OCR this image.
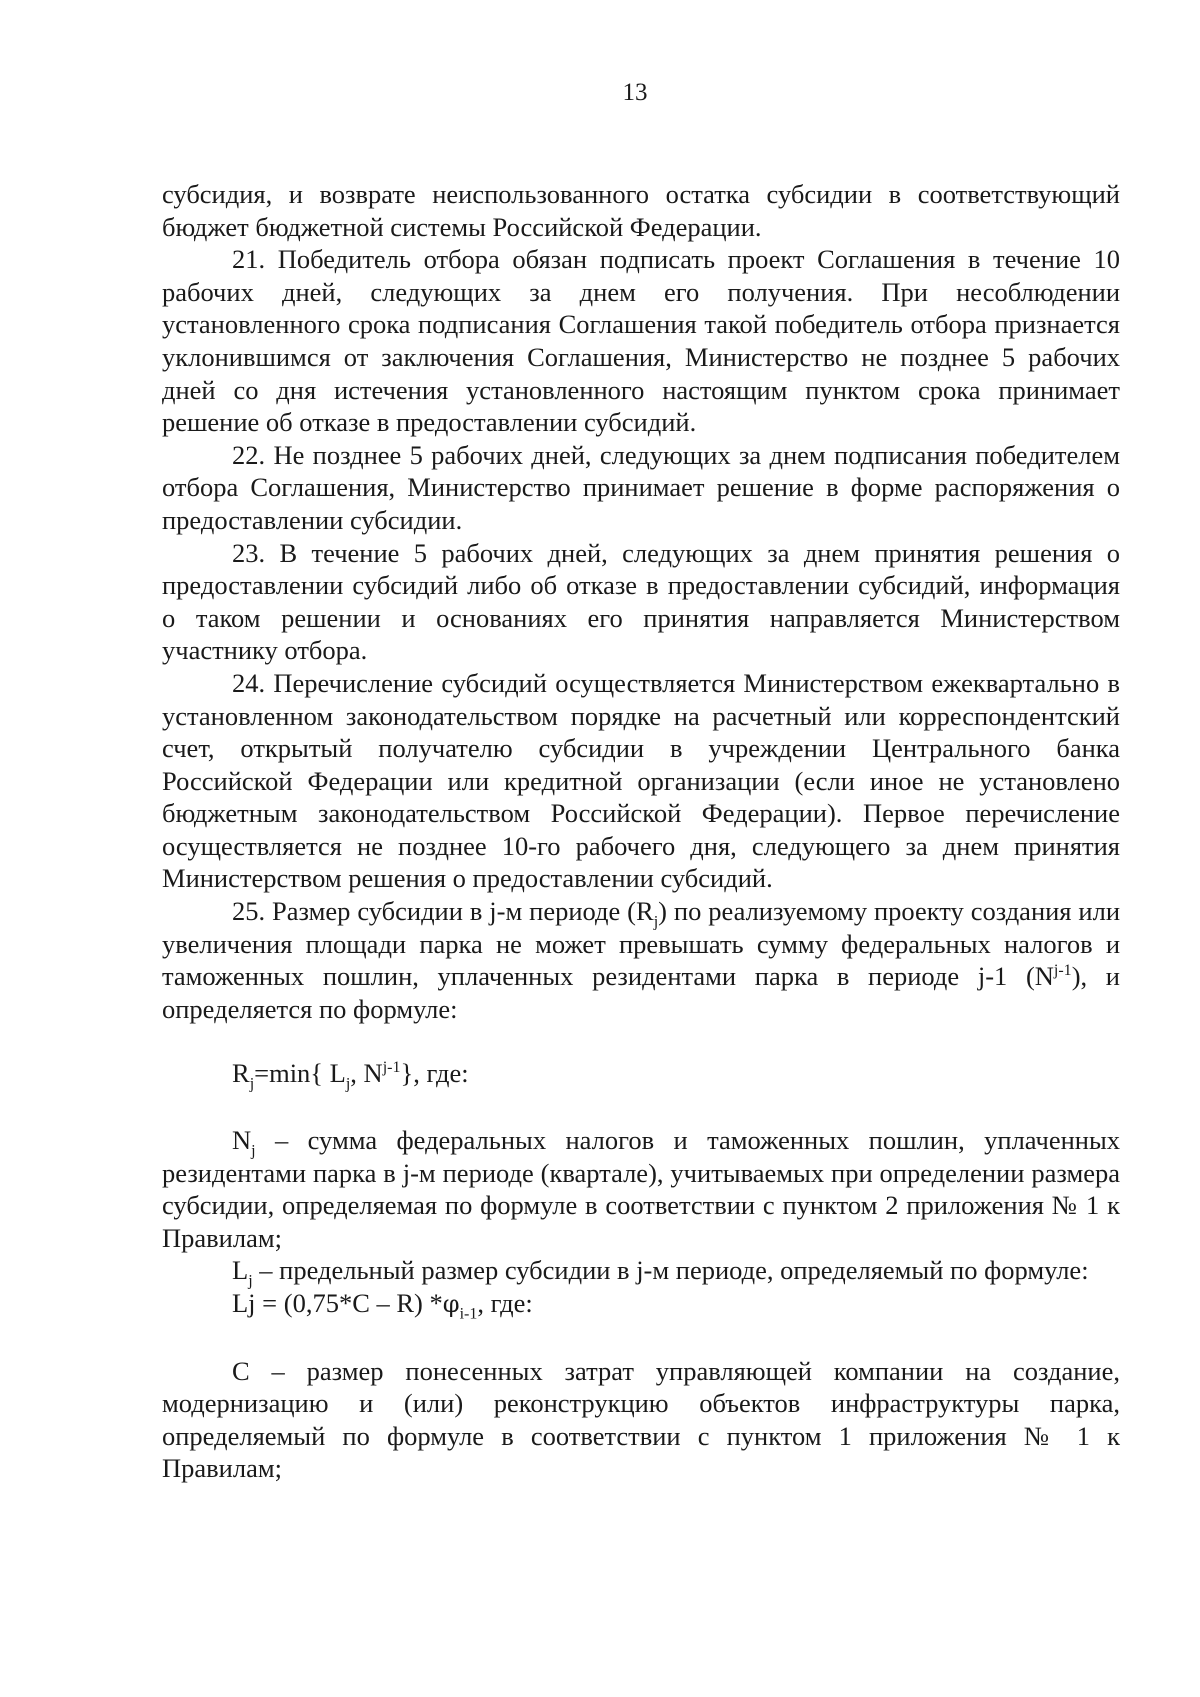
13

субсидия, и возврате неиспользованного остатка субсидии в соответствующий бюджет бюджетной системы Российской Федерации.

21. Победитель отбора обязан подписать проект Соглашения в течение 10 рабочих дней, следующих за днем его получения. При несоблюдении установленного срока подписания Соглашения такой победитель отбора признается уклонившимся от заключения Соглашения, Министерство не позднее 5 рабочих дней со дня истечения установленного настоящим пунктом срока принимает решение об отказе в предоставлении субсидий.

22. Не позднее 5 рабочих дней, следующих за днем подписания победителем отбора Соглашения, Министерство принимает решение в форме распоряжения о предоставлении субсидии.

23. В течение 5 рабочих дней, следующих за днем принятия решения о предоставлении субсидий либо об отказе в предоставлении субсидий, информация о таком решении и основаниях его принятия направляется Министерством участнику отбора.

24. Перечисление субсидий осуществляется Министерством ежеквартально в установленном законодательством порядке на расчетный или корреспондентский счет, открытый получателю субсидии в учреждении Центрального банка Российской Федерации или кредитной организации (если иное не установлено бюджетным законодательством Российской Федерации). Первое перечисление осуществляется не позднее 10-го рабочего дня, следующего за днем принятия Министерством решения о предоставлении субсидий.

25. Размер субсидии в j-м периоде $(R_j)$ по реализуемому проекту создания или увеличения площади парка не может превышать сумму федеральных налогов и таможенных пошлин, уплаченных резидентами парка в периоде j-1 $(N^{j-1})$, и определяется по формуле:

$R_j=\min${ $L_j$, $N^{j-1}$}, где:

$N_j$ – сумма федеральных налогов и таможенных пошлин, уплаченных резидентами парка в j-м периоде (квартале), учитываемых при определении размера субсидии, определяемая по формуле в соответствии с пунктом 2 приложения № 1 к Правилам;

$L_j$ – предельный размер субсидии в j-м периоде, определяемый по формуле:

Lj = (0,75*C – R) $*\varphi_{i-1}$, где:

C – размер понесенных затрат управляющей компании на создание, модернизацию и (или) реконструкцию объектов инфраструктуры парка, определяемый по формуле в соответствии с пунктом 1 приложения № 1 к Правилам;
